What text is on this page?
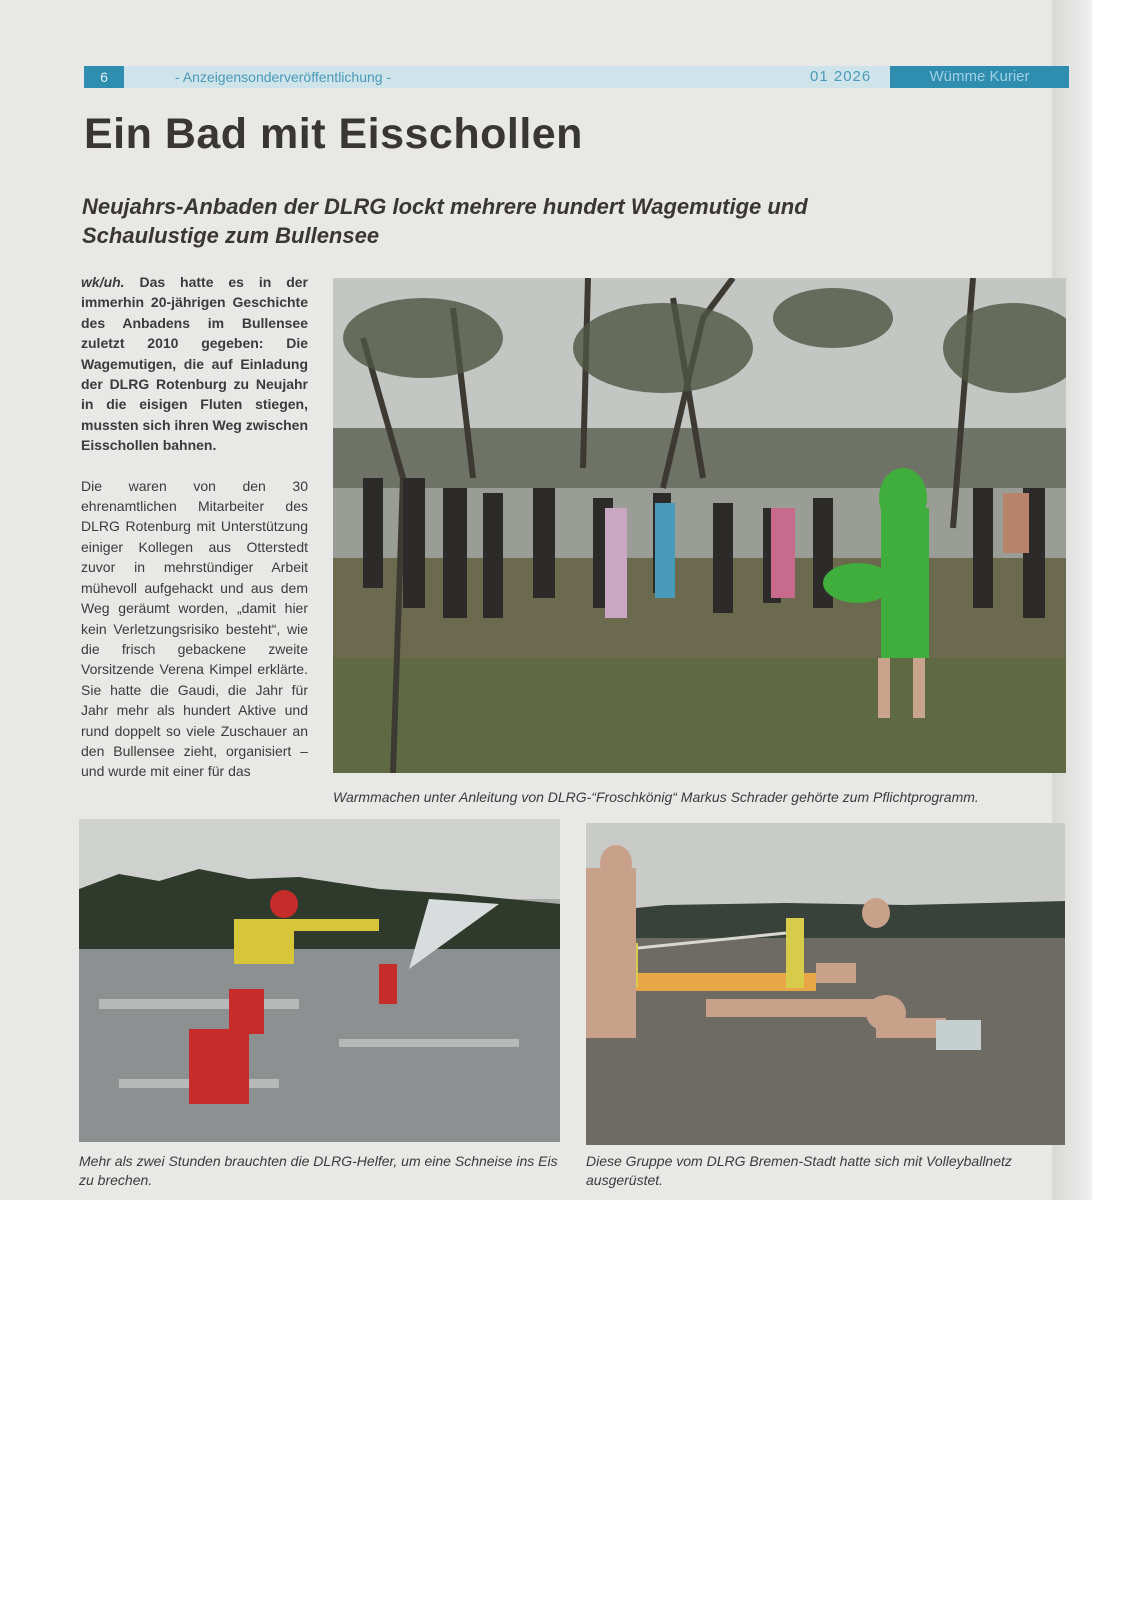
6	- Anzeigensonderveröffentlichung -	01 2026	Wümme Kurier
Ein Bad mit Eisschollen
Neujahrs-Anbaden der DLRG lockt mehrere hundert Wagemutige und Schaulustige zum Bullensee

wk/uh. Das hatte es in der immerhin 20-jährigen Geschichte des Anbadens im Bullensee zuletzt 2010 gegeben: Die Wagemutigen, die auf Einladung der DLRG Rotenburg zu Neujahr in die eisigen Fluten stiegen, mussten sich ihren Weg zwischen Eisschollen bahnen.

Die waren von den 30 ehrenamtlichen Mitarbeiter des DLRG Rotenburg mit Unterstützung einiger Kollegen aus Otterstedt zuvor in mehrstündiger Arbeit mühevoll aufgehackt und aus dem Weg geräumt worden, „damit hier kein Verletzungsrisiko besteht“, wie die frisch gebackene zweite Vorsitzende Verena Kimpel erklärte. Sie hatte die Gaudi, die Jahr für Jahr mehr als hundert Aktive und rund doppelt so viele Zuschauer an den Bullensee zieht, organisiert – und wurde mit einer für das

Warmmachen unter Anleitung von DLRG-“Froschkönig“ Markus Schrader gehörte zum Pflichtprogramm.
Mehr als zwei Stunden brauchten die DLRG-Helfer, um eine Schneise ins Eis zu brechen.
Diese Gruppe vom DLRG Bremen-Stadt hatte sich mit Volleyballnetz ausgerüstet.
